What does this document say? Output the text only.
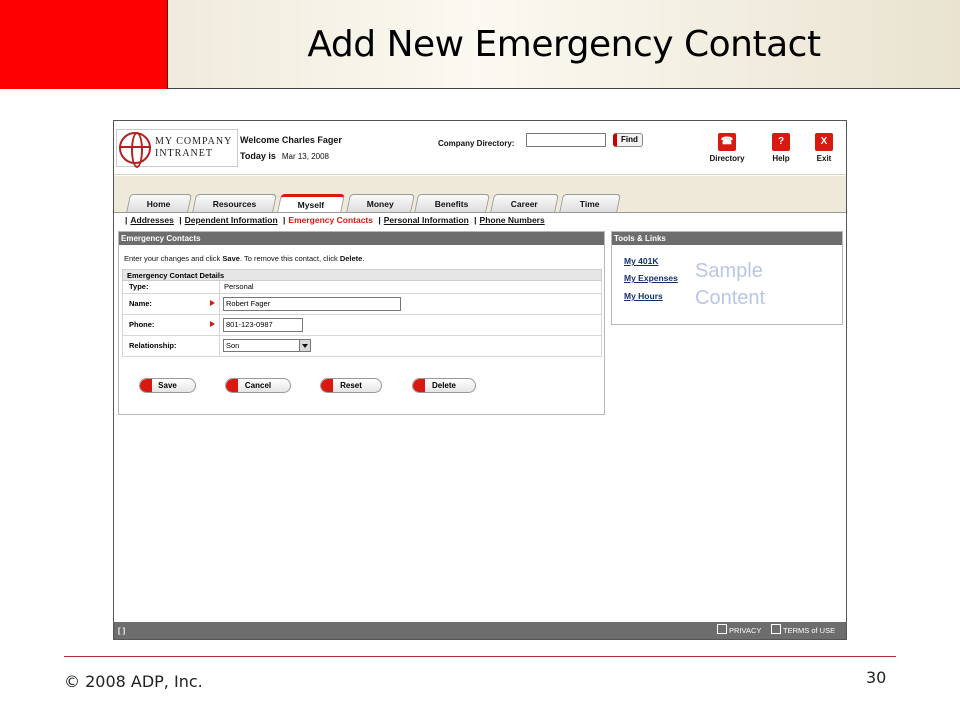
Add New Emergency Contact
MY COMPANY
INTRANET
Welcome Charles Fager
Today is Mar 13, 2008
Company Directory:	Find	☎
Directory
?
Help
X
Exit
Home	Resources	Myself	Money	Benefits	Career	Time
| Addresses | Dependent Information | Emergency Contacts | Personal Information | Phone Numbers
Emergency Contacts
Enter your changes and click Save. To remove this contact, click Delete.
Emergency Contact Details
Type:	Personal
Name:	Robert Fager
Phone:	801-123-0987
Relationship:	Son
Save	Cancel	Reset	Delete
Tools & Links
My 401K
My Expenses
My Hours
Sample
Content
[ ]	PRIVACY	TERMS of USE
© 2008 ADP, Inc.	30
